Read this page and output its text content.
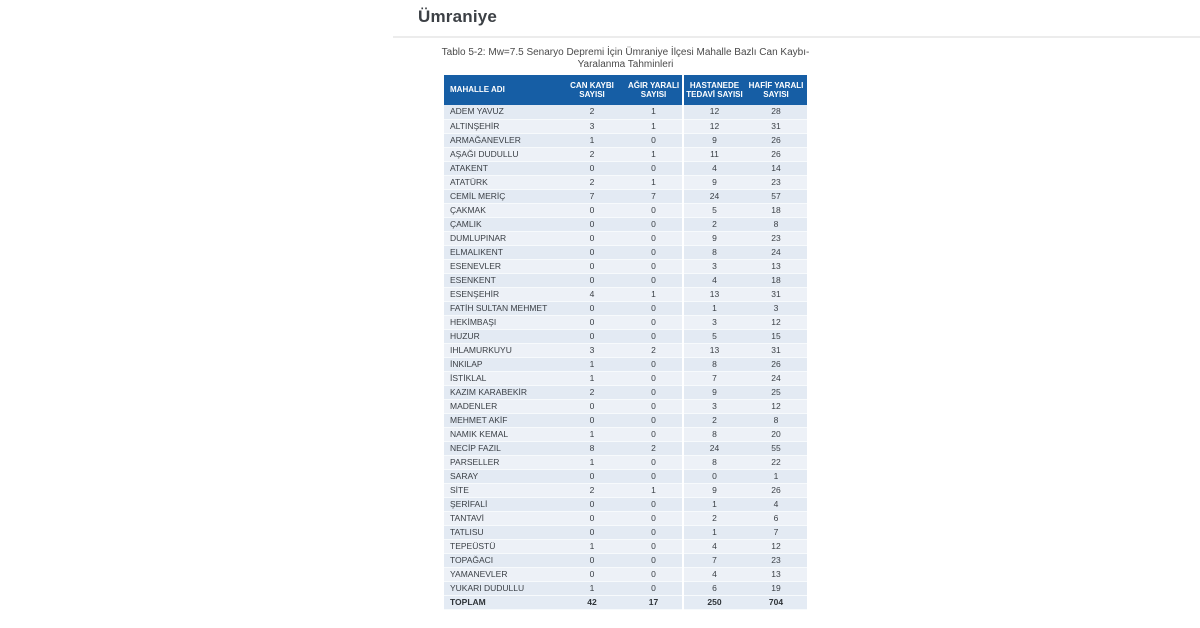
Ümraniye
Tablo 5-2: Mw=7.5 Senaryo Depremi İçin Ümraniye İlçesi Mahalle Bazlı Can Kaybı-
Yaralanma Tahminleri
MAHALLE ADI	CAN KAYBI SAYISI	AĞIR YARALI SAYISI	HASTANEDE TEDAVİ SAYISI	HAFİF YARALI SAYISI
ADEM YAVUZ	2	1	12	28
ALTINŞEHİR	3	1	12	31
ARMAĞANEVLER	1	0	9	26
AŞAĞI DUDULLU	2	1	11	26
ATAKENT	0	0	4	14
ATATÜRK	2	1	9	23
CEMİL MERİÇ	7	7	24	57
ÇAKMAK	0	0	5	18
ÇAMLIK	0	0	2	8
DUMLUPINAR	0	0	9	23
ELMALIKENT	0	0	8	24
ESENEVLER	0	0	3	13
ESENKENT	0	0	4	18
ESENŞEHİR	4	1	13	31
FATİH SULTAN MEHMET	0	0	1	3
HEKİMBAŞI	0	0	3	12
HUZUR	0	0	5	15
IHLAMURKUYU	3	2	13	31
İNKILAP	1	0	8	26
İSTİKLAL	1	0	7	24
KAZIM KARABEKİR	2	0	9	25
MADENLER	0	0	3	12
MEHMET AKİF	0	0	2	8
NAMIK KEMAL	1	0	8	20
NECİP FAZIL	8	2	24	55
PARSELLER	1	0	8	22
SARAY	0	0	0	1
SİTE	2	1	9	26
ŞERİFALİ	0	0	1	4
TANTAVİ	0	0	2	6
TATLISU	0	0	1	7
TEPEÜSTÜ	1	0	4	12
TOPAĞACI	0	0	7	23
YAMANEVLER	0	0	4	13
YUKARI DUDULLU	1	0	6	19
TOPLAM	42	17	250	704
